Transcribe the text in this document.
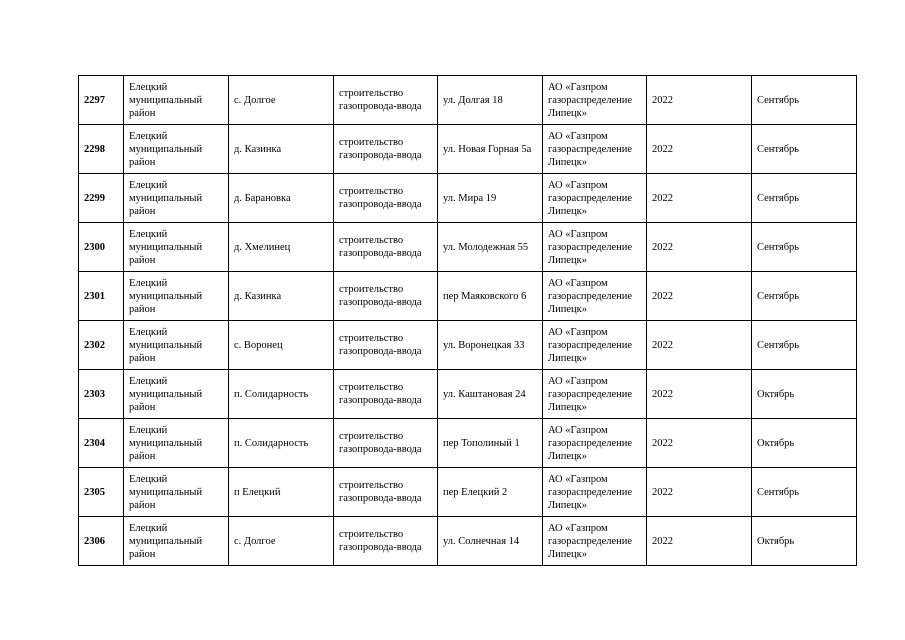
2297	Елецкий муниципальный район	с. Долгое	строительство газопровода-ввода	ул. Долгая 18	АО «Газпром газораспределение Липецк»	2022	Сентябрь
2298	Елецкий муниципальный район	д. Казинка	строительство газопровода-ввода	ул. Новая Горная 5а	АО «Газпром газораспределение Липецк»	2022	Сентябрь
2299	Елецкий муниципальный район	д. Барановка	строительство газопровода-ввода	ул. Мира 19	АО «Газпром газораспределение Липецк»	2022	Сентябрь
2300	Елецкий муниципальный район	д. Хмелинец	строительство газопровода-ввода	ул. Молодежная 55	АО «Газпром газораспределение Липецк»	2022	Сентябрь
2301	Елецкий муниципальный район	д. Казинка	строительство газопровода-ввода	пер Маяковского 6	АО «Газпром газораспределение Липецк»	2022	Сентябрь
2302	Елецкий муниципальный район	с. Воронец	строительство газопровода-ввода	ул. Воронецкая 33	АО «Газпром газораспределение Липецк»	2022	Сентябрь
2303	Елецкий муниципальный район	п. Солидарность	строительство газопровода-ввода	ул. Каштановая 24	АО «Газпром газораспределение Липецк»	2022	Октябрь
2304	Елецкий муниципальный район	п. Солидарность	строительство газопровода-ввода	пер Тополиный 1	АО «Газпром газораспределение Липецк»	2022	Октябрь
2305	Елецкий муниципальный район	п Елецкий	строительство газопровода-ввода	пер Елецкий 2	АО «Газпром газораспределение Липецк»	2022	Сентябрь
2306	Елецкий муниципальный район	с. Долгое	строительство газопровода-ввода	ул. Солнечная 14	АО «Газпром газораспределение Липецк»	2022	Октябрь
